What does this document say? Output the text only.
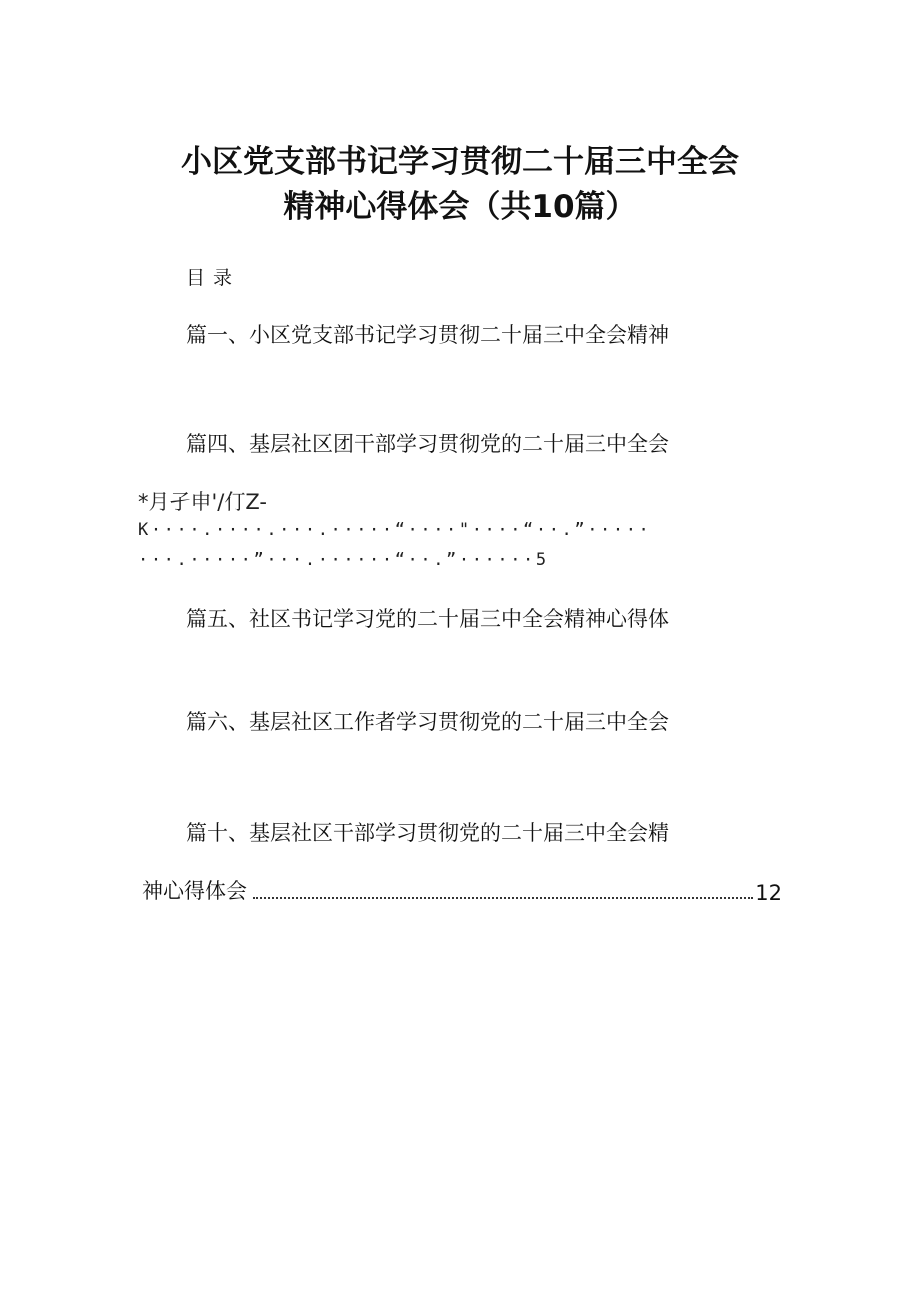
小区党支部书记学习贯彻二十届三中全会
精神心得体会（共10篇）
目录
篇一、小区党支部书记学习贯彻二十届三中全会精神
篇四、基层社区团干部学习贯彻党的二十届三中全会
*月孑申'/仃Z-
K····.····.···.·····“····"····“··.”·····
···.·····”···.······“··.”······5
篇五、社区书记学习党的二十届三中全会精神心得体
篇六、基层社区工作者学习贯彻党的二十届三中全会
篇十、基层社区干部学习贯彻党的二十届三中全会精
神心得体会	12
